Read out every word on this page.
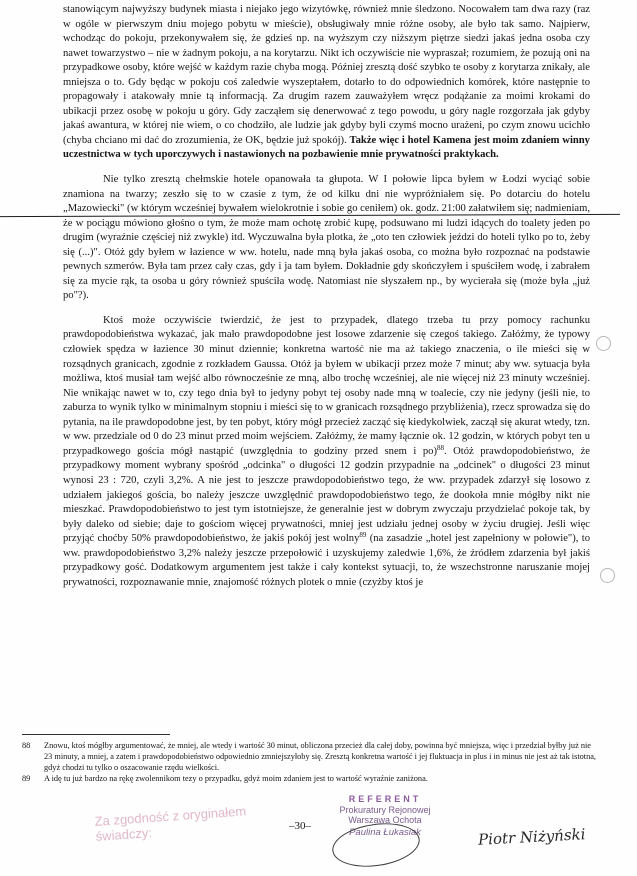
stanowiącym najwyższy budynek miasta i niejako jego wizytówkę, również mnie śledzono. Nocowałem tam dwa razy (raz w ogóle w pierwszym dniu mojego pobytu w mieście), obsługiwały mnie różne osoby, ale było tak samo. Najpierw, wchodząc do pokoju, przekonywałem się, że gdzieś np. na wyższym czy niższym piętrze siedzi jakaś jedna osoba czy nawet towarzystwo – nie w żadnym pokoju, a na korytarzu. Nikt ich oczywiście nie wypraszał; rozumiem, że pozują oni na przypadkowe osoby, które wejść w każdym razie chyba mogą. Później zresztą dość szybko te osoby z korytarza znikały, ale mniejsza o to. Gdy będąc w pokoju coś zaledwie wyszeptałem, dotarło to do odpowiednich komórek, które następnie to propagowały i atakowały mnie tą informacją. Za drugim razem zauważyłem wręcz podążanie za moimi krokami do ubikacji przez osobę w pokoju u góry. Gdy zacząłem się denerwować z tego powodu, u góry nagle rozgorzała jak gdyby jakaś awantura, w której nie wiem, o co chodziło, ale ludzie jak gdyby byli czymś mocno urażeni, po czym znowu ucichło (chyba chciano mi dać do zrozumienia, że OK, będzie już spokój). Także więc i hotel Kamena jest moim zdaniem winny uczestnictwa w tych uporczywych i nastawionych na pozbawienie mnie prywatności praktykach.

Nie tylko zresztą chełmskie hotele opanowała ta głupota. W I połowie lipca byłem w Łodzi wyciąć sobie znamiona na twarzy; zeszło się to w czasie z tym, że od kilku dni nie wypróżniałem się. Po dotarciu do hotelu „Mazowiecki" (w którym wcześniej bywałem wielokrotnie i sobie go ceniłem) ok. godz. 21:00 załatwiłem się; nadmieniam, że w pociągu mówiono głośno o tym, że może mam ochotę zrobić kupę, podsuwano mi ludzi idących do toalety jeden po drugim (wyraźnie częściej niż zwykle) itd. Wyczuwalna była plotka, że „oto ten człowiek jeździ do hoteli tylko po to, żeby się (...)". Otóż gdy byłem w łazience w ww. hotelu, nade mną była jakaś osoba, co można było rozpoznać na podstawie pewnych szmerów. Była tam przez cały czas, gdy i ja tam byłem. Dokładnie gdy skończyłem i spuściłem wodę, i zabrałem się za mycie rąk, ta osoba u góry również spuściła wodę. Natomiast nie słyszałem np., by wycierała się (może była „już po"?).

Ktoś może oczywiście twierdzić, że jest to przypadek, dlatego trzeba tu przy pomocy rachunku prawdopodobieństwa wykazać, jak mało prawdopodobne jest losowe zdarzenie się czegoś takiego. Załóżmy, że typowy człowiek spędza w łazience 30 minut dziennie; konkretna wartość nie ma aż takiego znaczenia, o ile mieści się w rozsądnych granicach, zgodnie z rozkładem Gaussa. Otóż ja byłem w ubikacji przez może 7 minut; aby ww. sytuacja była możliwa, ktoś musiał tam wejść albo równocześnie ze mną, albo trochę wcześniej, ale nie więcej niż 23 minuty wcześniej. Nie wnikając nawet w to, czy tego dnia był to jedyny pobyt tej osoby nade mną w toalecie, czy nie jedyny (jeśli nie, to zaburza to wynik tylko w minimalnym stopniu i mieści się to w granicach rozsądnego przybliżenia), rzecz sprowadza się do pytania, na ile prawdopodobne jest, by ten pobyt, który mógł przecież zacząć się kiedykolwiek, zaczął się akurat wtedy, tzn. w ww. przedziale od 0 do 23 minut przed moim wejściem. Załóżmy, że mamy łącznie ok. 12 godzin, w których pobyt ten u przypadkowego gościa mógł nastąpić (uwzględnia to godziny przed snem i po)$^{88}$. Otóż prawdopodobieństwo, że przypadkowy moment wybrany spośród „odcinka" o długości 12 godzin przypadnie na „odcinek" o długości 23 minut wynosi 23 : 720, czyli 3,2%. A nie jest to jeszcze prawdopodobieństwo tego, że ww. przypadek zdarzył się losowo z udziałem jakiegoś gościa, bo należy jeszcze uwzględnić prawdopodobieństwo tego, że dookoła mnie mógłby nikt nie mieszkać. Prawdopodobieństwo to jest tym istotniejsze, że generalnie jest w dobrym zwyczaju przydzielać pokoje tak, by były daleko od siebie; daje to gościom więcej prywatności, mniej jest udziału jednej osoby w życiu drugiej. Jeśli więc przyjąć choćby 50% prawdopodobieństwo, że jakiś pokój jest wolny$^{89}$ (na zasadzie „hotel jest zapełniony w połowie"), to ww. prawdopodobieństwo 3,2% należy jeszcze przepołowić i uzyskujemy zaledwie 1,6%, że źródłem zdarzenia był jakiś przypadkowy gość. Dodatkowym argumentem jest także i cały kontekst sytuacji, to, że wszechstronne naruszanie mojej prywatności, rozpoznawanie mnie, znajomość różnych plotek o mnie (czyżby ktoś je

88	Znowu, ktoś mógłby argumentować, że mniej, ale wtedy i wartość 30 minut, obliczona przecież dla całej doby, powinna być mniejsza, więc i przedział byłby już nie 23 minuty, a mniej, a zatem i prawdopodobieństwo odpowiednio zmniejszyłoby się. Zresztą konkretna wartość i jej fluktuacja in plus i in minus nie jest aż tak istotna, gdyż chodzi tu tylko o oszacowanie rzędu wielkości.
89	A idę tu już bardzo na rękę zwolennikom tezy o przypadku, gdyż moim zdaniem jest to wartość wyraźnie zaniżona.
Za zgodność z oryginałem
świadczy:	–30–
REFERENT
Prokuratury Rejonowej
Warszawa Ochota
Paulina Łukasiak	Piotr Niżyński
